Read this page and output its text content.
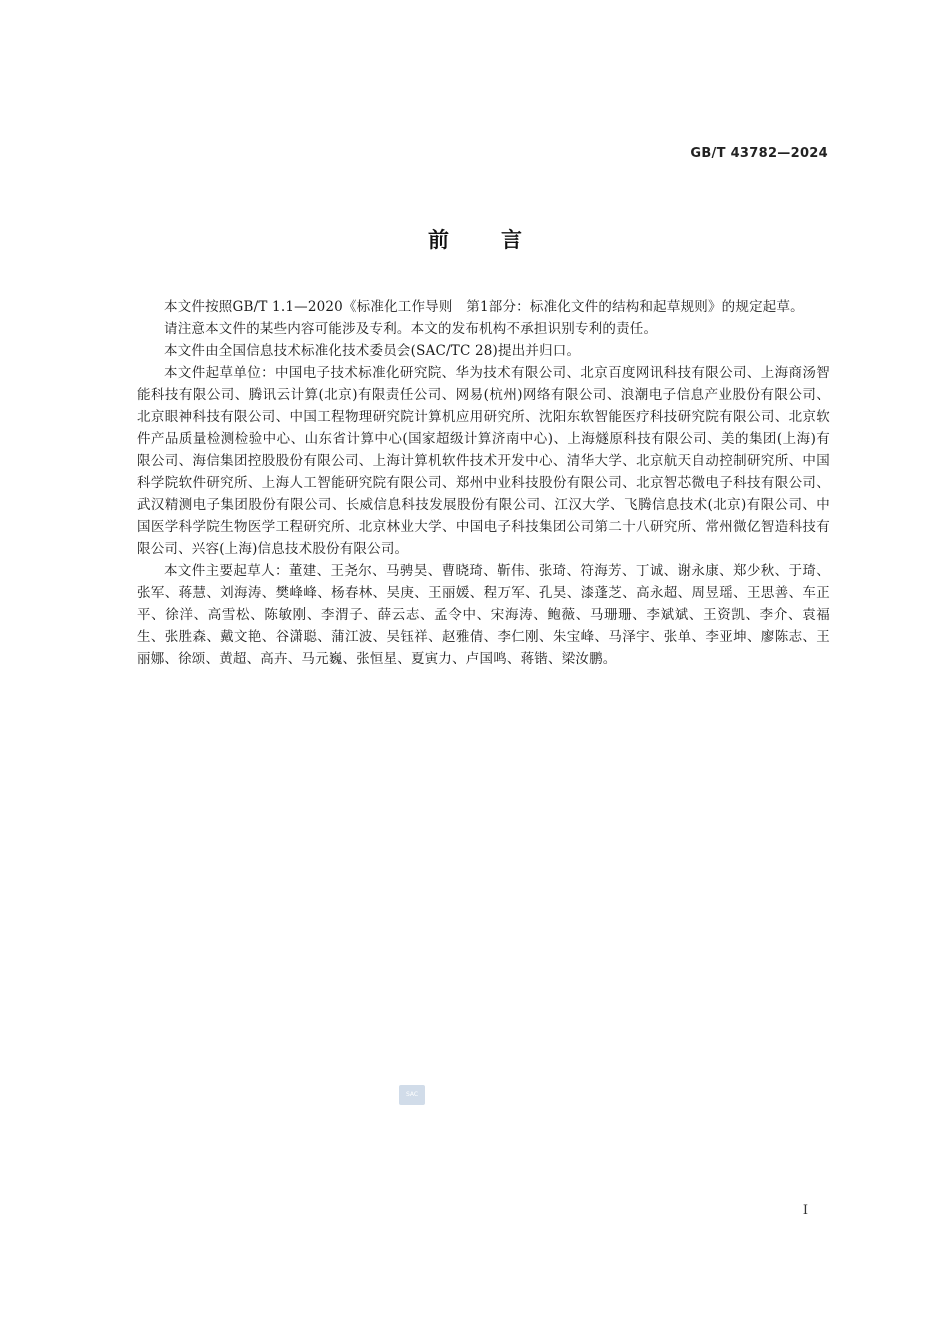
GB/T 43782—2024
前言

本文件按照GB/T 1.1—2020《标准化工作导则　第1部分：标准化文件的结构和起草规则》的规定起草。

请注意本文件的某些内容可能涉及专利。本文的发布机构不承担识别专利的责任。

本文件由全国信息技术标准化技术委员会(SAC/TC 28)提出并归口。

本文件起草单位：中国电子技术标准化研究院、华为技术有限公司、北京百度网讯科技有限公司、上海商汤智能科技有限公司、腾讯云计算(北京)有限责任公司、网易(杭州)网络有限公司、浪潮电子信息产业股份有限公司、北京眼神科技有限公司、中国工程物理研究院计算机应用研究所、沈阳东软智能医疗科技研究院有限公司、北京软件产品质量检测检验中心、山东省计算中心(国家超级计算济南中心)、上海燧原科技有限公司、美的集团(上海)有限公司、海信集团控股股份有限公司、上海计算机软件技术开发中心、清华大学、北京航天自动控制研究所、中国科学院软件研究所、上海人工智能研究院有限公司、郑州中业科技股份有限公司、北京智芯微电子科技有限公司、武汉精测电子集团股份有限公司、长威信息科技发展股份有限公司、江汉大学、飞腾信息技术(北京)有限公司、中国医学科学院生物医学工程研究所、北京林业大学、中国电子科技集团公司第二十八研究所、常州微亿智造科技有限公司、兴容(上海)信息技术股份有限公司。

本文件主要起草人：董建、王尧尔、马骋昊、曹晓琦、靳伟、张琦、符海芳、丁诚、谢永康、郑少秋、于琦、张军、蒋慧、刘海涛、樊峰峰、杨春林、吴庚、王丽媛、程万军、孔昊、漆蓬芝、高永超、周昱瑶、王思善、车正平、徐洋、高雪松、陈敏刚、李渭子、薛云志、孟令中、宋海涛、鲍薇、马珊珊、李斌斌、王资凯、李介、袁福生、张胜森、戴文艳、谷潇聪、蒲江波、吴钰祥、赵雅倩、李仁刚、朱宝峰、马泽宇、张单、李亚坤、廖陈志、王丽娜、徐颂、黄超、高卉、马元巍、张恒星、夏寅力、卢国鸣、蒋锴、梁汝鹏。

SAC
I
